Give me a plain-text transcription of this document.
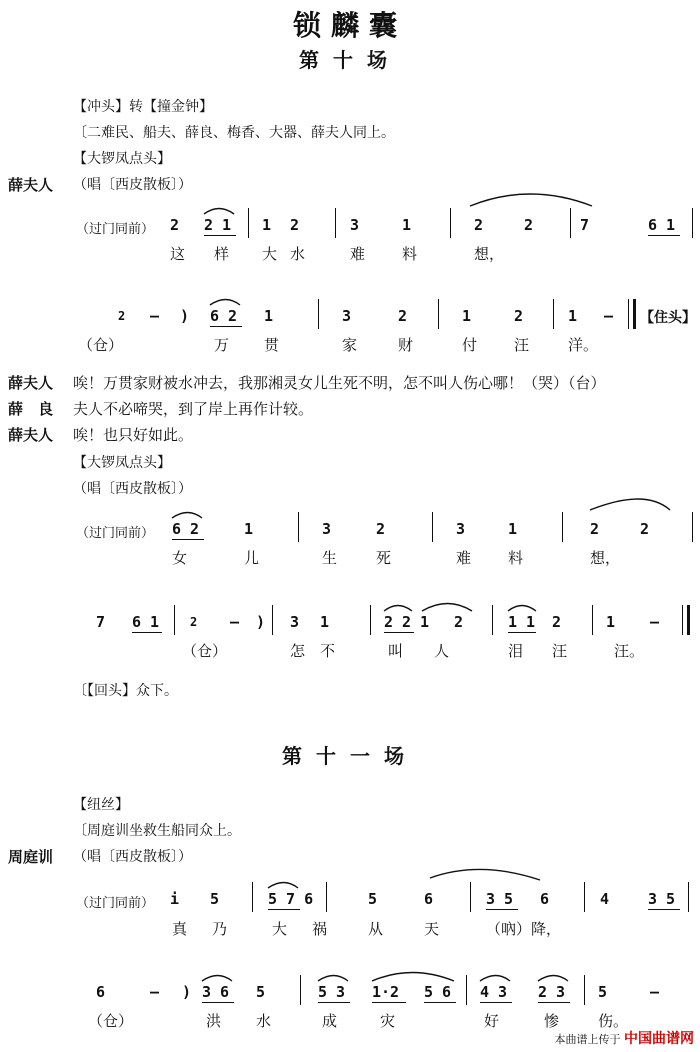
锁麟囊
第十场
【冲头】转【撞金钟】
〔二难民、船夫、薛良、梅香、大器、薛夫人同上。
【大锣凤点头】
薛夫人 （唱〔西皮散板〕）
（过门同前） 2 2 1 1 2	3	1	2	2	7	6 1
这 样 大 水	难 料	想，
2 – ) 6 2 1	3	2	1	2	1 – 【住头】
（仓）	万 贯	家	财	付 汪	洋。
薛夫人 唉！万贯家财被水冲去，我那湘灵女儿生死不明，怎不叫人伤心哪！（哭）（台）
薛　良 夫人不必啼哭，到了岸上再作计较。
薛夫人 唉！也只好如此。
【大锣凤点头】
（唱〔西皮散板〕）
（过门同前） 6 2	1	3	2	3	1	2	2
女	儿	生	死	难 料	想，
7 6 1	2 – ) 3 1	2 2 1 2	1 1 2	1 –
（仓）	怎 不	叫 人	泪 汪	汪。
〔【回头】众下。
第十一场
【纽丝】
〔周庭训坐救生船同众上。
周庭训 （唱〔西皮散板〕）
（过门同前） i 5	5 7 6	5	6	3 5 6	4	3 5
真 乃	大 祸	从	天	（吶）降，
6	– ) 3 6 5	5 3 1·2 5 6 4 3 2 3 5	–
（仓）	洪 水	成	灾	好	惨	伤。
本曲谱上传于 中国曲谱网
